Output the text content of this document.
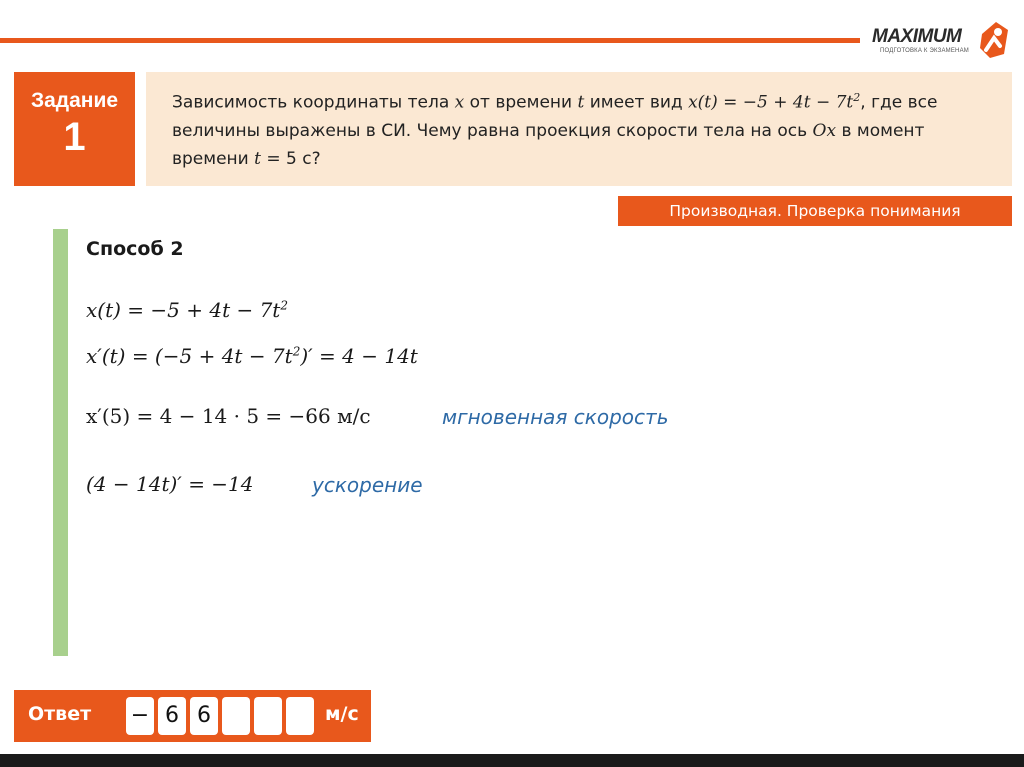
MAXIMUM
ПОДГОТОВКА К ЭКЗАМЕНАМ
Задание
1
Зависимость координаты тела x от времени t имеет вид $x(t) = -5 + 4t - 7t^2$, где все величины выражены в СИ. Чему равна проекция скорости тела на ось Ox в момент времени t = 5 с?
Производная. Проверка понимания
Способ 2
$x(t) = -5 + 4t - 7t^2$
$x'(t) = (-5 + 4t - 7t^2)' = 4 - 14t$
x′(5) = 4 − 14 · 5 = −66 м/с	мгновенная скорость
(4 − 14t)′ = −14	ускорение
Ответ − 6 6	м/с
